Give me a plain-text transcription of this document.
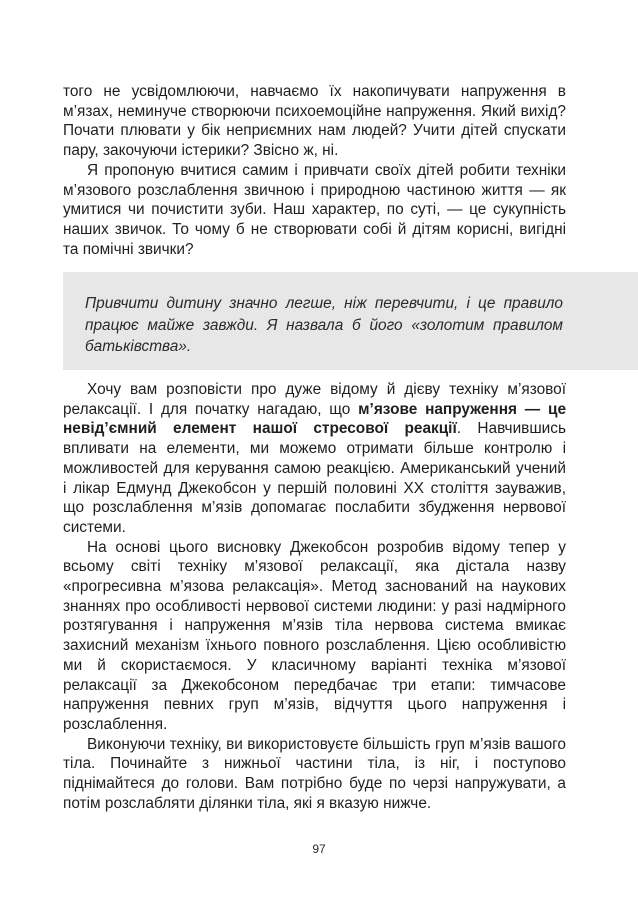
того не усвідомлюючи, навчаємо їх накопичувати напруження в м’язах, неминуче створюючи психоемоційне напруження. Який вихід? Почати плювати у бік неприємних нам людей? Учити дітей спускати пару, закочуючи істерики? Звісно ж, ні.

Я пропоную вчитися самим і привчати своїх дітей робити техніки м’язового розслаблення звичною і природною частиною життя — як умитися чи почистити зуби. Наш характер, по суті, — це сукупність наших звичок. То чому б не створювати собі й дітям корисні, вигідні та помічні звички?

Привчити дитину значно легше, ніж перевчити, і це правило працює майже завжди. Я назвала б його «золотим правилом батьківства».

Хочу вам розповісти про дуже відому й дієву техніку м’язової релаксації. І для початку нагадаю, що м’язове напруження — це невід’ємний елемент нашої стресової реакції. Навчившись впливати на елементи, ми можемо отримати більше контролю і можливостей для керування самою реакцією. Американський учений і лікар Едмунд Джекобсон у першій половині XX століття зауважив, що розслаблення м’язів допомагає послабити збудження нервової системи.

На основі цього висновку Джекобсон розробив відому тепер у всьому світі техніку м’язової релаксації, яка дістала назву «прогресивна м’язова релаксація». Метод заснований на наукових знаннях про особливості нервової системи людини: у разі надмірного розтягування і напруження м’язів тіла нервова система вмикає захисний механізм їхнього повного розслаблення. Цією особливістю ми й скористаємося. У класичному варіанті техніка м’язової релаксації за Джекобсоном передбачає три етапи: тимчасове напруження певних груп м’язів, відчуття цього напруження і розслаблення.

Виконуючи техніку, ви використовуєте більшість груп м’язів вашого тіла. Починайте з нижньої частини тіла, із ніг, і поступово піднімайтеся до голови. Вам потрібно буде по черзі напружувати, а потім розслабляти ділянки тіла, які я вказую нижче.

97
